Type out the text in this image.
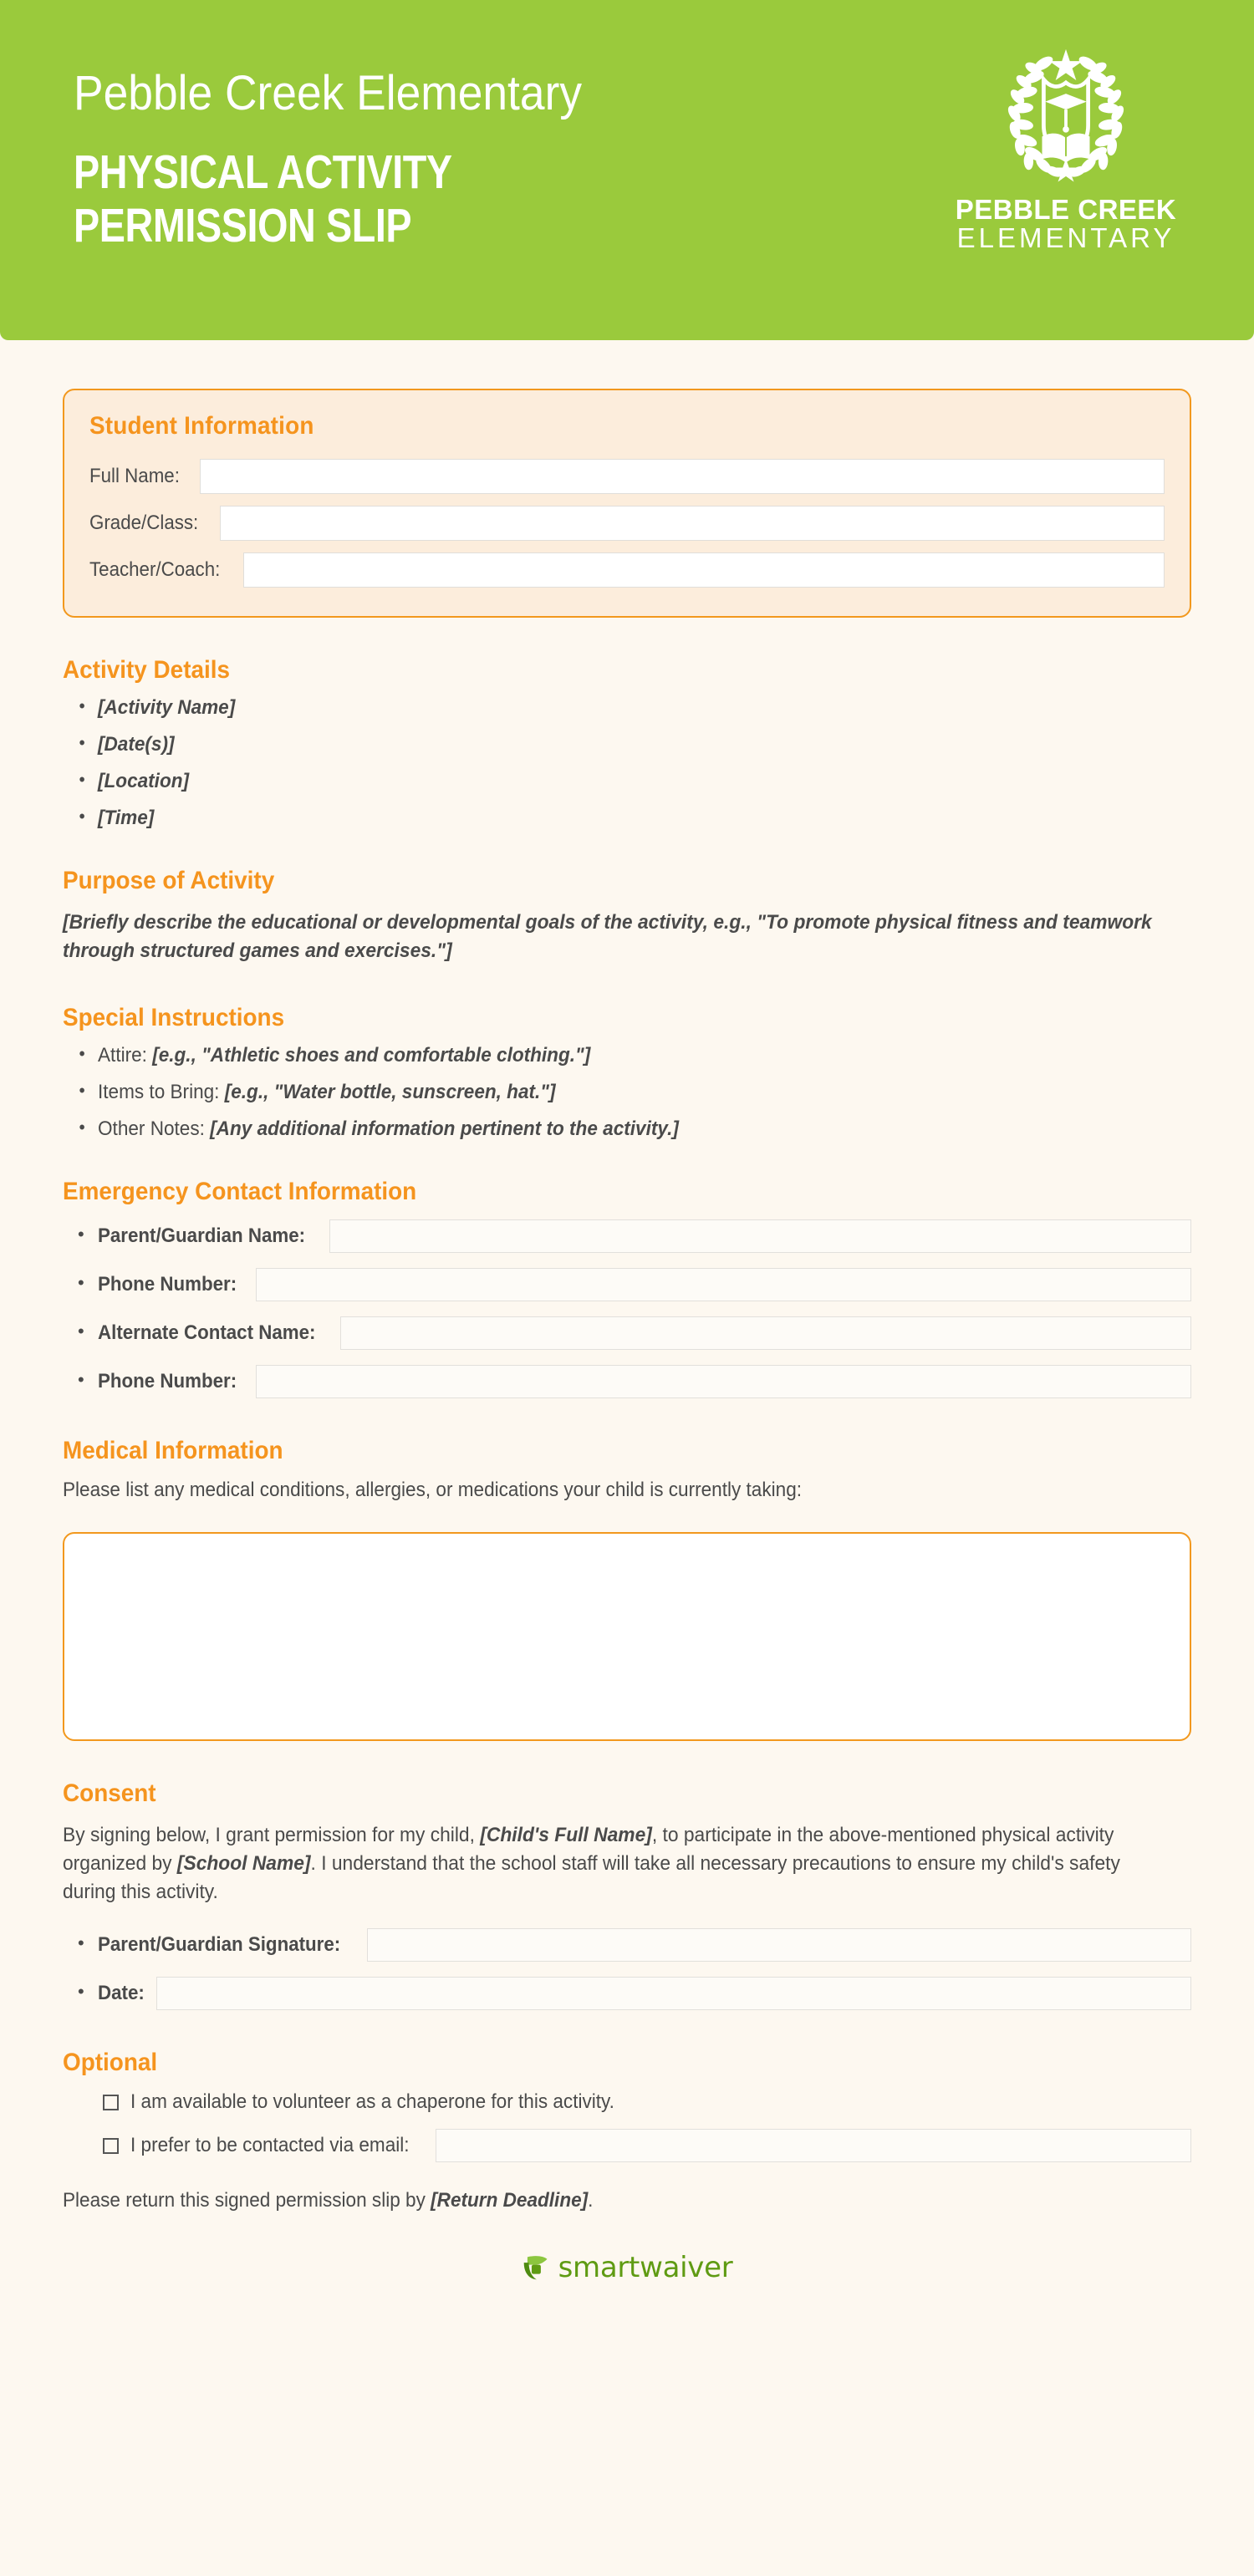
Pebble Creek Elementary
PHYSICAL ACTIVITY
PERMISSION SLIP	PEBBLE CREEK
ELEMENTARY
Student Information
Full Name:
Grade/Class:
Teacher/Coach:
Activity Details
• [Activity Name]
• [Date(s)]
• [Location]
• [Time]
Purpose of Activity
[Briefly describe the educational or developmental goals of the activity, e.g., "To promote physical fitness and teamwork through structured games and exercises."]
Special Instructions
• Attire: [e.g., "Athletic shoes and comfortable clothing."]
• Items to Bring: [e.g., "Water bottle, sunscreen, hat."]
• Other Notes: [Any additional information pertinent to the activity.]
Emergency Contact Information
• Parent/Guardian Name:
• Phone Number:
• Alternate Contact Name:
• Phone Number:
Medical Information
Please list any medical conditions, allergies, or medications your child is currently taking:
Consent
By signing below, I grant permission for my child, [Child's Full Name], to participate in the above-mentioned physical activity organized by [School Name]. I understand that the school staff will take all necessary precautions to ensure my child's safety during this activity.
• Parent/Guardian Signature:
• Date:
Optional
I am available to volunteer as a chaperone for this activity.
I prefer to be contacted via email:
Please return this signed permission slip by [Return Deadline].
smartwaiver
